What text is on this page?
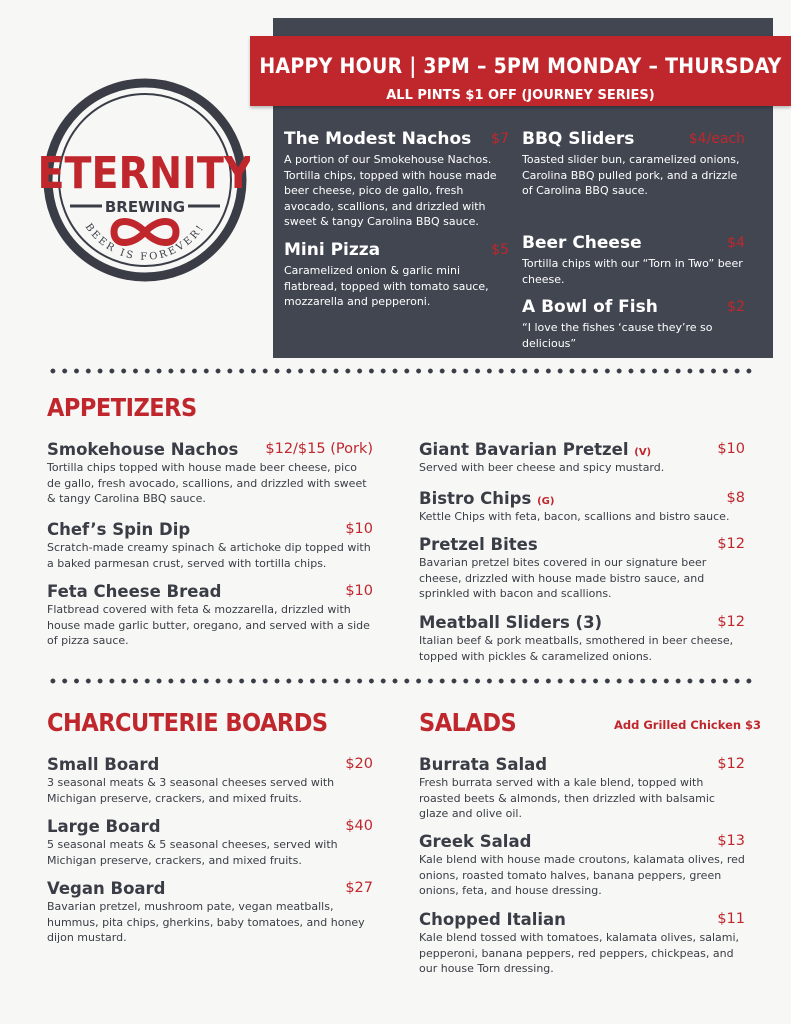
ETERNITY
BREWING
BEER IS FOREVER!
HAPPY HOUR | 3PM – 5PM MONDAY – THURSDAY
ALL PINTS $1 OFF (JOURNEY SERIES)
The Modest Nachos	$7
A portion of our Smokehouse Nachos. Tortilla chips, topped with house made beer cheese, pico de gallo, fresh avocado, scallions, and drizzled with sweet & tangy Carolina BBQ sauce.
Mini Pizza	$5
Caramelized onion & garlic mini flatbread, topped with tomato sauce, mozzarella and pepperoni.
BBQ Sliders	$4/each
Toasted slider bun, caramelized onions, Carolina BBQ pulled pork, and a drizzle of Carolina BBQ sauce.
Beer Cheese	$4
Tortilla chips with our “Torn in Two” beer cheese.
A Bowl of Fish	$2
“I love the fishes ‘cause they’re so delicious”
APPETIZERS
Smokehouse Nachos	$12/$15 (Pork)
Tortilla chips topped with house made beer cheese, pico de gallo, fresh avocado, scallions, and drizzled with sweet & tangy Carolina BBQ sauce.
Chef’s Spin Dip	$10
Scratch-made creamy spinach & artichoke dip topped with a baked parmesan crust, served with tortilla chips.
Feta Cheese Bread	$10
Flatbread covered with feta & mozzarella, drizzled with house made garlic butter, oregano, and served with a side of pizza sauce.
Giant Bavarian Pretzel (V)	$10
Served with beer cheese and spicy mustard.
Bistro Chips (G)	$8
Kettle Chips with feta, bacon, scallions and bistro sauce.
Pretzel Bites	$12
Bavarian pretzel bites covered in our signature beer cheese, drizzled with house made bistro sauce, and sprinkled with bacon and scallions.
Meatball Sliders (3)	$12
Italian beef & pork meatballs, smothered in beer cheese, topped with pickles & caramelized onions.
CHARCUTERIE BOARDS
Small Board	$20
3 seasonal meats & 3 seasonal cheeses served with Michigan preserve, crackers, and mixed fruits.
Large Board	$40
5 seasonal meats & 5 seasonal cheeses, served with Michigan preserve, crackers, and mixed fruits.
Vegan Board	$27
Bavarian pretzel, mushroom pate, vegan meatballs, hummus, pita chips, gherkins, baby tomatoes, and honey dijon mustard.
SALADS	Add Grilled Chicken $3
Burrata Salad	$12
Fresh burrata served with a kale blend, topped with roasted beets & almonds, then drizzled with balsamic glaze and olive oil.
Greek Salad	$13
Kale blend with house made croutons, kalamata olives, red onions, roasted tomato halves, banana peppers, green onions, feta, and house dressing.
Chopped Italian	$11
Kale blend tossed with tomatoes, kalamata olives, salami, pepperoni, banana peppers, red peppers, chickpeas, and our house Torn dressing.
